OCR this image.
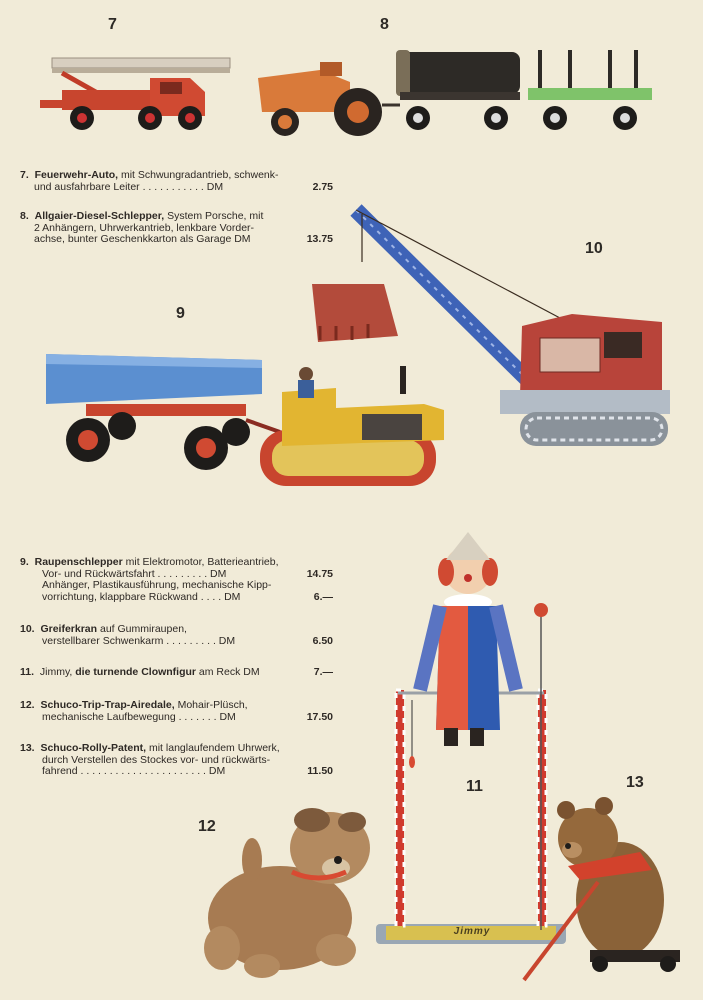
Jimmy
7	8
10
9
11	13
12
7. Feuerwehr-Auto, mit Schwungradantrieb, schwenk-
und ausfahrbare Leiter . . . . . . . . . . . DM	2.75
8. Allgaier-Diesel-Schlepper, System Porsche, mit
2 Anhängern, Uhrwerkantrieb, lenkbare Vorder-
achse, bunter Geschenkkarton als Garage DM	13.75
9. Raupenschlepper mit Elektromotor, Batterieantrieb,
Vor- und Rückwärtsfahrt . . . . . . . . . DM	14.75
Anhänger, Plastikausführung, mechanische Kipp-
vorrichtung, klappbare Rückwand . . . . DM	6.—
10. Greiferkran auf Gummiraupen,
verstellbarer Schwenkarm . . . . . . . . . DM	6.50
11. Jimmy, die turnende Clownfigur am Reck DM	7.—
12. Schuco-Trip-Trap-Airedale, Mohair-Plüsch,
mechanische Laufbewegung . . . . . . . DM	17.50
13. Schuco-Rolly-Patent, mit langlaufendem Uhrwerk,
durch Verstellen des Stockes vor- und rückwärts-
fahrend . . . . . . . . . . . . . . . . . . . . . . DM	11.50
